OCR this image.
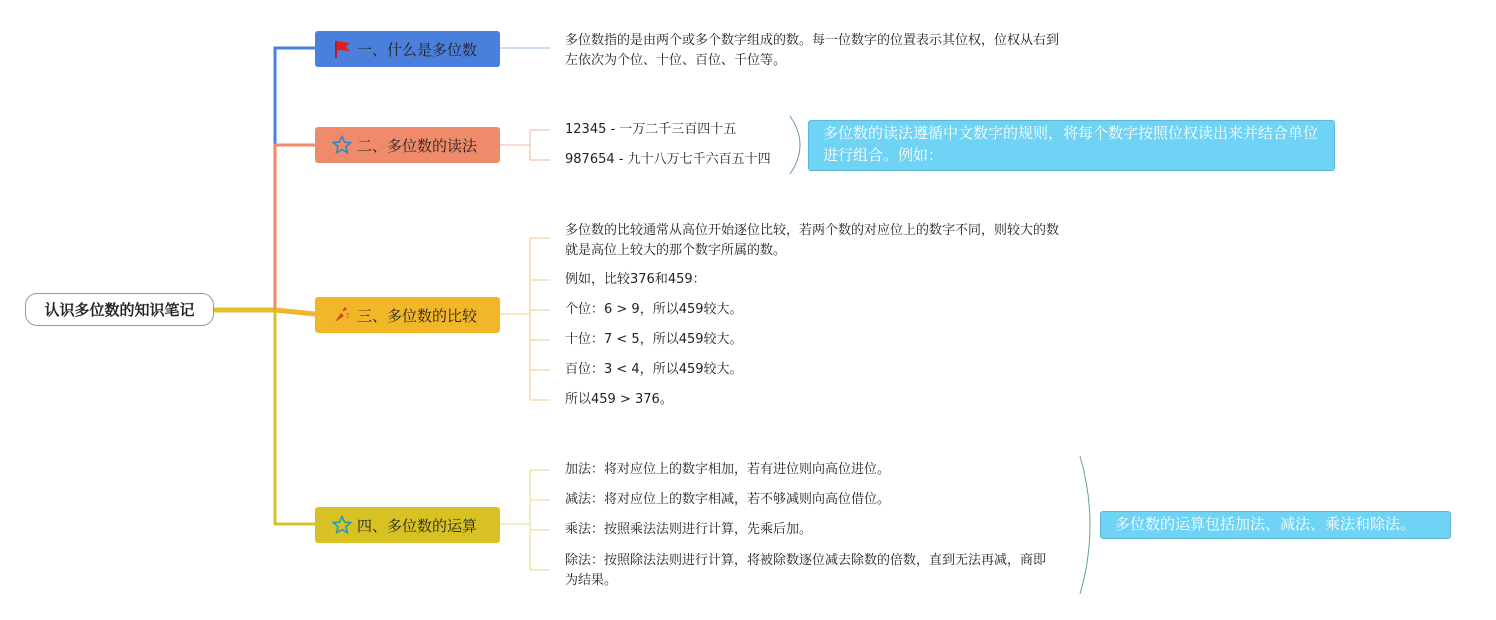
认识多位数的知识笔记
一、什么是多位数	多位数指的是由两个或多个数字组成的数。每一位数字的位置表示其位权，位权从右到左依次为个位、十位、百位、千位等。
二、多位数的读法
12345 - 一万二千三百四十五
987654 - 九十八万七千六百五十四
多位数的读法遵循中文数字的规则，将每个数字按照位权读出来并结合单位进行组合。例如：
三、多位数的比较
多位数的比较通常从高位开始逐位比较，若两个数的对应位上的数字不同，则较大的数就是高位上较大的那个数字所属的数。
例如，比较376和459：
个位：6 > 9，所以459较大。
十位：7 < 5，所以459较大。
百位：3 < 4，所以459较大。
所以459 > 376。
四、多位数的运算
加法：将对应位上的数字相加，若有进位则向高位进位。
减法：将对应位上的数字相减，若不够减则向高位借位。
乘法：按照乘法法则进行计算，先乘后加。
除法：按照除法法则进行计算，将被除数逐位减去除数的倍数，直到无法再减，商即为结果。
多位数的运算包括加法、减法、乘法和除法。
